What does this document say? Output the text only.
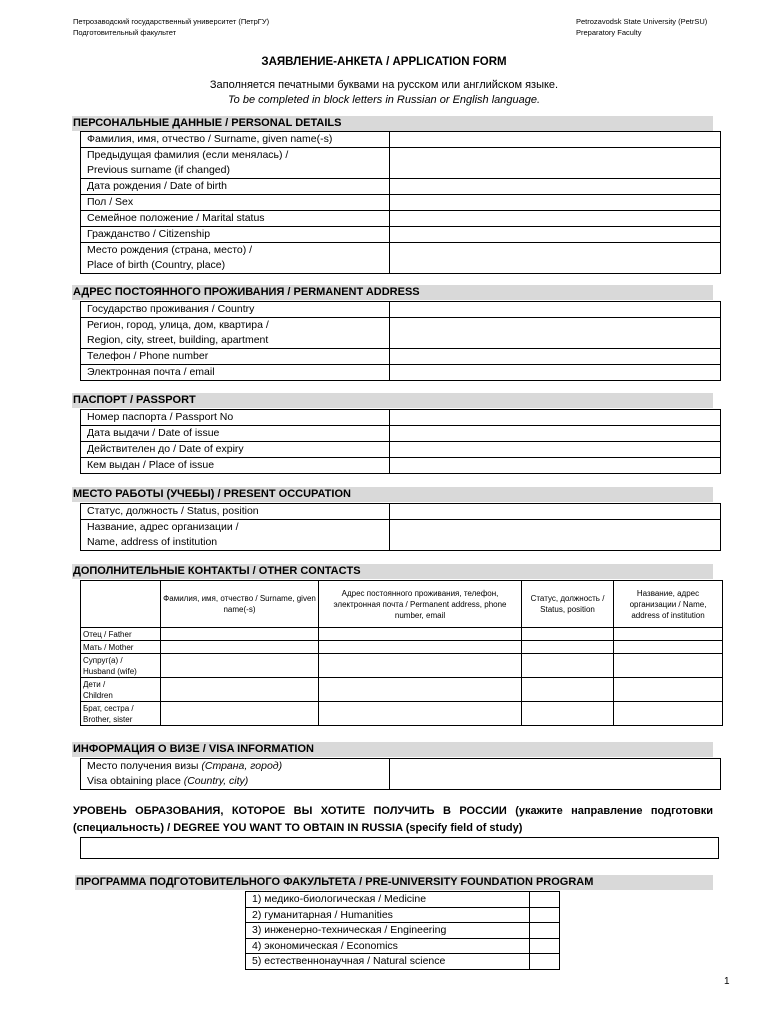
Петрозаводский государственный университет (ПетрГУ)
Подготовительный факультет
Petrozavodsk State University (PetrSU)
Preparatory Faculty
ЗАЯВЛЕНИЕ-АНКЕТА / APPLICATION FORM
Заполняется печатными буквами на русском или английском языке.
To be completed in block letters in Russian or English language.
ПЕРСОНАЛЬНЫЕ ДАННЫЕ / PERSONAL DETAILS
Фамилия, имя, отчество / Surname, given name(-s)	

Предыдущая фамилия (если менялась) /
Previous surname (if changed)	

Дата рождения / Date of birth	
Пол / Sex	
Семейное положение / Marital status	
Гражданство / Citizenship	

Место рождения (страна, место) /
Place of birth (Country, place)	

АДРЕС ПОСТОЯННОГО ПРОЖИВАНИЯ / PERMANENT ADDRESS
Государство проживания / Country	

Регион, город, улица, дом, квартира /
Region, city, street, building, apartment	

Телефон / Phone number	
Электронная почта / email	
ПАСПОРТ / PASSPORT
Номер паспорта / Passport No	
Дата выдачи / Date of issue	
Действителен до / Date of expiry	
Кем выдан / Place of issue	
МЕСТО РАБОТЫ (УЧЕБЫ) / PRESENT OCCUPATION
Статус, должность / Status, position	

Название, адрес организации /
Name, address of institution	

ДОПОЛНИТЕЛЬНЫЕ КОНТАКТЫ / OTHER CONTACTS
	Фамилия, имя, отчество / Surname, given name(-s)	Адрес постоянного проживания, телефон, электронная почта / Permanent address, phone number, email	Статус, должность / Status, position	Название, адрес организации / Name, address of institution
Отец / Father				
Мать / Mother				

Супруг(а) /
Husband (wife)				

Дети /
Children				

Брат, сестра /
Brother, sister				

ИНФОРМАЦИЯ О ВИЗЕ / VISA INFORMATION
Место получения визы (Страна, город)
Visa obtaining place (Country, city)

УРОВЕНЬ ОБРАЗОВАНИЯ, КОТОРОЕ ВЫ ХОТИТЕ ПОЛУЧИТЬ В РОССИИ (укажите направление подготовки (специальность) / DEGREE YOU WANT TO OBTAIN IN RUSSIA (specify field of study)
ПРОГРАММА ПОДГОТОВИТЕЛЬНОГО ФАКУЛЬТЕТА / PRE-UNIVERSITY FOUNDATION PROGRAM
1) медико-биологическая / Medicine	
2) гуманитарная / Humanities	
3) инженерно-техническая / Engineering	
4) экономическая / Economics	
5) естественнонаучная / Natural science	
1
